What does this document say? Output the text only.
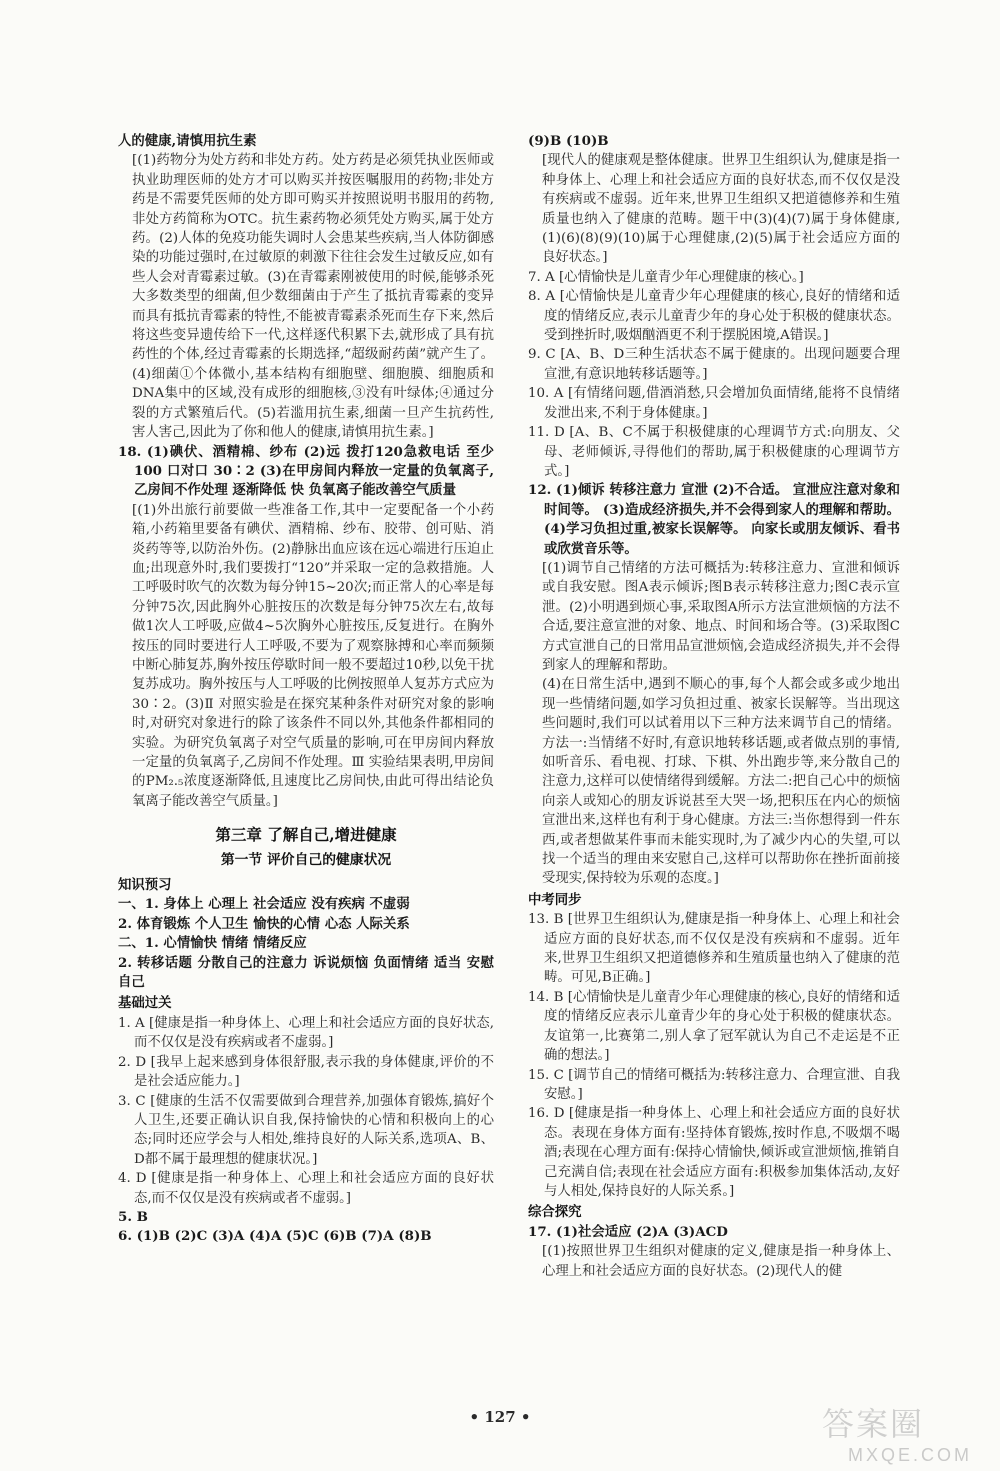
人的健康,请慎用抗生素

[(1)药物分为处方药和非处方药。处方药是必须凭执业医师或执业助理医师的处方才可以购买并按医嘱服用的药物;非处方药是不需要凭医师的处方即可购买并按照说明书服用的药物,非处方药简称为OTC。抗生素药物必须凭处方购买,属于处方药。(2)人体的免疫功能失调时人会患某些疾病,当人体防御感染的功能过强时,在过敏原的刺激下往往会发生过敏反应,如有些人会对青霉素过敏。(3)在青霉素刚被使用的时候,能够杀死大多数类型的细菌,但少数细菌由于产生了抵抗青霉素的变异而具有抵抗青霉素的特性,不能被青霉素杀死而生存下来,然后将这些变异遗传给下一代,这样逐代积累下去,就形成了具有抗药性的个体,经过青霉素的长期选择,“超级耐药菌”就产生了。(4)细菌①个体微小,基本结构有细胞壁、细胞膜、细胞质和DNA集中的区域,没有成形的细胞核,③没有叶绿体;④通过分裂的方式繁殖后代。(5)若滥用抗生素,细菌一旦产生抗药性,害人害己,因此为了你和他人的健康,请慎用抗生素。]

18. (1)碘伏、酒精棉、纱布 (2)远 拨打120急救电话 至少100 口对口 30∶2 (3)在甲房间内释放一定量的负氧离子,乙房间不作处理 逐渐降低 快 负氧离子能改善空气质量

[(1)外出旅行前要做一些准备工作,其中一定要配备一个小药箱,小药箱里要备有碘伏、酒精棉、纱布、胶带、创可贴、消炎药等等,以防治外伤。(2)静脉出血应该在远心端进行压迫止血;出现意外时,我们要拨打“120”并采取一定的急救措施。人工呼吸时吹气的次数为每分钟15~20次;而正常人的心率是每分钟75次,因此胸外心脏按压的次数是每分钟75次左右,故每做1次人工呼吸,应做4~5次胸外心脏按压,反复进行。在胸外按压的同时要进行人工呼吸,不要为了观察脉搏和心率而频频中断心肺复苏,胸外按压停歇时间一般不要超过10秒,以免干扰复苏成功。胸外按压与人工呼吸的比例按照单人复苏方式应为30∶2。(3)Ⅱ 对照实验是在探究某种条件对研究对象的影响时,对研究对象进行的除了该条件不同以外,其他条件都相同的实验。为研究负氧离子对空气质量的影响,可在甲房间内释放一定量的负氧离子,乙房间不作处理。Ⅲ 实验结果表明,甲房间的PM₂.₅浓度逐渐降低,且速度比乙房间快,由此可得出结论负氧离子能改善空气质量。]

第三章 了解自己,增进健康
第一节 评价自己的健康状况
知识预习

一、1. 身体上 心理上 社会适应 没有疾病 不虚弱

2. 体育锻炼 个人卫生 愉快的心情 心态 人际关系

二、1. 心情愉快 情绪 情绪反应

2. 转移话题 分散自己的注意力 诉说烦恼 负面情绪 适当 安慰自己

基础过关

1. A [健康是指一种身体上、心理上和社会适应方面的良好状态,而不仅仅是没有疾病或者不虚弱。]

2. D [我早上起来感到身体很舒服,表示我的身体健康,评价的不是社会适应能力。]

3. C [健康的生活不仅需要做到合理营养,加强体育锻炼,搞好个人卫生,还要正确认识自我,保持愉快的心情和积极向上的心态;同时还应学会与人相处,维持良好的人际关系,选项A、B、D都不属于最理想的健康状况。]

4. D [健康是指一种身体上、心理上和社会适应方面的良好状态,而不仅仅是没有疾病或者不虚弱。]

5. B

6. (1)B (2)C (3)A (4)A (5)C (6)B (7)A (8)B

(9)B (10)B

[现代人的健康观是整体健康。世界卫生组织认为,健康是指一种身体上、心理上和社会适应方面的良好状态,而不仅仅是没有疾病或不虚弱。近年来,世界卫生组织又把道德修养和生殖质量也纳入了健康的范畴。题干中(3)(4)(7)属于身体健康,(1)(6)(8)(9)(10)属于心理健康,(2)(5)属于社会适应方面的良好状态。]

7. A [心情愉快是儿童青少年心理健康的核心。]

8. A [心情愉快是儿童青少年心理健康的核心,良好的情绪和适度的情绪反应,表示儿童青少年的身心处于积极的健康状态。受到挫折时,吸烟酗酒更不利于摆脱困境,A错误。]

9. C [A、B、D三种生活状态不属于健康的。出现问题要合理宣泄,有意识地转移话题等。]

10. A [有情绪问题,借酒消愁,只会增加负面情绪,能将不良情绪发泄出来,不利于身体健康。]

11. D [A、B、C不属于积极健康的心理调节方式:向朋友、父母、老师倾诉,寻得他们的帮助,属于积极健康的心理调节方式。]

12. (1)倾诉 转移注意力 宣泄 (2)不合适。 宣泄应注意对象和时间等。 (3)造成经济损失,并不会得到家人的理解和帮助。 (4)学习负担过重,被家长误解等。 向家长或朋友倾诉、看书或欣赏音乐等。

[(1)调节自己情绪的方法可概括为:转移注意力、宣泄和倾诉或自我安慰。图A表示倾诉;图B表示转移注意力;图C表示宣泄。(2)小明遇到烦心事,采取图A所示方法宣泄烦恼的方法不合适,要注意宣泄的对象、地点、时间和场合等。(3)采取图C方式宣泄自己的日常用品宣泄烦恼,会造成经济损失,并不会得到家人的理解和帮助。

(4)在日常生活中,遇到不顺心的事,每个人都会或多或少地出现一些情绪问题,如学习负担过重、被家长误解等。当出现这些问题时,我们可以试着用以下三种方法来调节自己的情绪。方法一:当情绪不好时,有意识地转移话题,或者做点别的事情,如听音乐、看电视、打球、下棋、外出跑步等,来分散自己的注意力,这样可以使情绪得到缓解。方法二:把自己心中的烦恼向亲人或知心的朋友诉说甚至大哭一场,把积压在内心的烦恼宣泄出来,这样也有利于身心健康。方法三:当你想得到一件东西,或者想做某件事而未能实现时,为了减少内心的失望,可以找一个适当的理由来安慰自己,这样可以帮助你在挫折面前接受现实,保持较为乐观的态度。]

中考同步

13. B [世界卫生组织认为,健康是指一种身体上、心理上和社会适应方面的良好状态,而不仅仅是没有疾病和不虚弱。近年来,世界卫生组织又把道德修养和生殖质量也纳入了健康的范畴。可见,B正确。]

14. B [心情愉快是儿童青少年心理健康的核心,良好的情绪和适度的情绪反应表示儿童青少年的身心处于积极的健康状态。友谊第一,比赛第二,别人拿了冠军就认为自己不走运是不正确的想法。]

15. C [调节自己的情绪可概括为:转移注意力、合理宣泄、自我安慰。]

16. D [健康是指一种身体上、心理上和社会适应方面的良好状态。表现在身体方面有:坚持体育锻炼,按时作息,不吸烟不喝酒;表现在心理方面有:保持心情愉快,倾诉或宣泄烦恼,推销自己充满自信;表现在社会适应方面有:积极参加集体活动,友好与人相处,保持良好的人际关系。]

综合探究

17. (1)社会适应 (2)A (3)ACD

[(1)按照世界卫生组织对健康的定义,健康是指一种身体上、心理上和社会适应方面的良好状态。(2)现代人的健

• 127 •	答案圈
MXQE.COM
